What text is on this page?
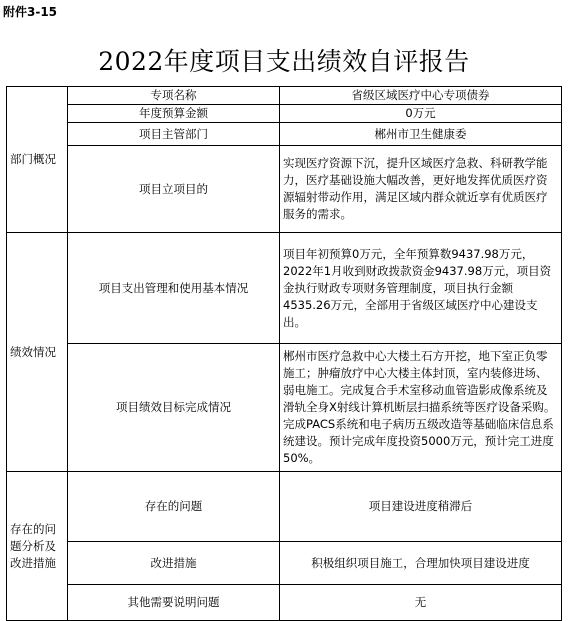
附件3-15
2022年度项目支出绩效自评报告
部门概况	专项名称	省级区域医疗中心专项债券
	年度预算金额	0万元
	项目主管部门	郴州市卫生健康委
	项目立项目的	实现医疗资源下沉，提升区域医疗急救、科研教学能力，医疗基础设施大幅改善，更好地发挥优质医疗资源辐射带动作用，满足区域内群众就近享有优质医疗服务的需求。
绩效情况	项目支出管理和使用基本情况	项目年初预算0万元，全年预算数9437.98万元，2022年1月收到财政拨款资金9437.98万元，项目资金执行财政专项财务管理制度，项目执行金额4535.26万元，全部用于省级区域医疗中心建设支出。
	项目绩效目标完成情况	郴州市医疗急救中心大楼土石方开挖，地下室正负零施工；肿瘤放疗中心大楼主体封顶，室内装修进场、弱电施工。完成复合手术室移动血管造影成像系统及滑轨全身X射线计算机断层扫描系统等医疗设备采购。完成PACS系统和电子病历五级改造等基础临床信息系统建设。预计完成年度投资5000万元，预计完工进度50%。
存在的问题分析及改进措施	存在的问题	项目建设进度稍滞后
	改进措施	积极组织项目施工，合理加快项目建设进度
	其他需要说明问题	无
